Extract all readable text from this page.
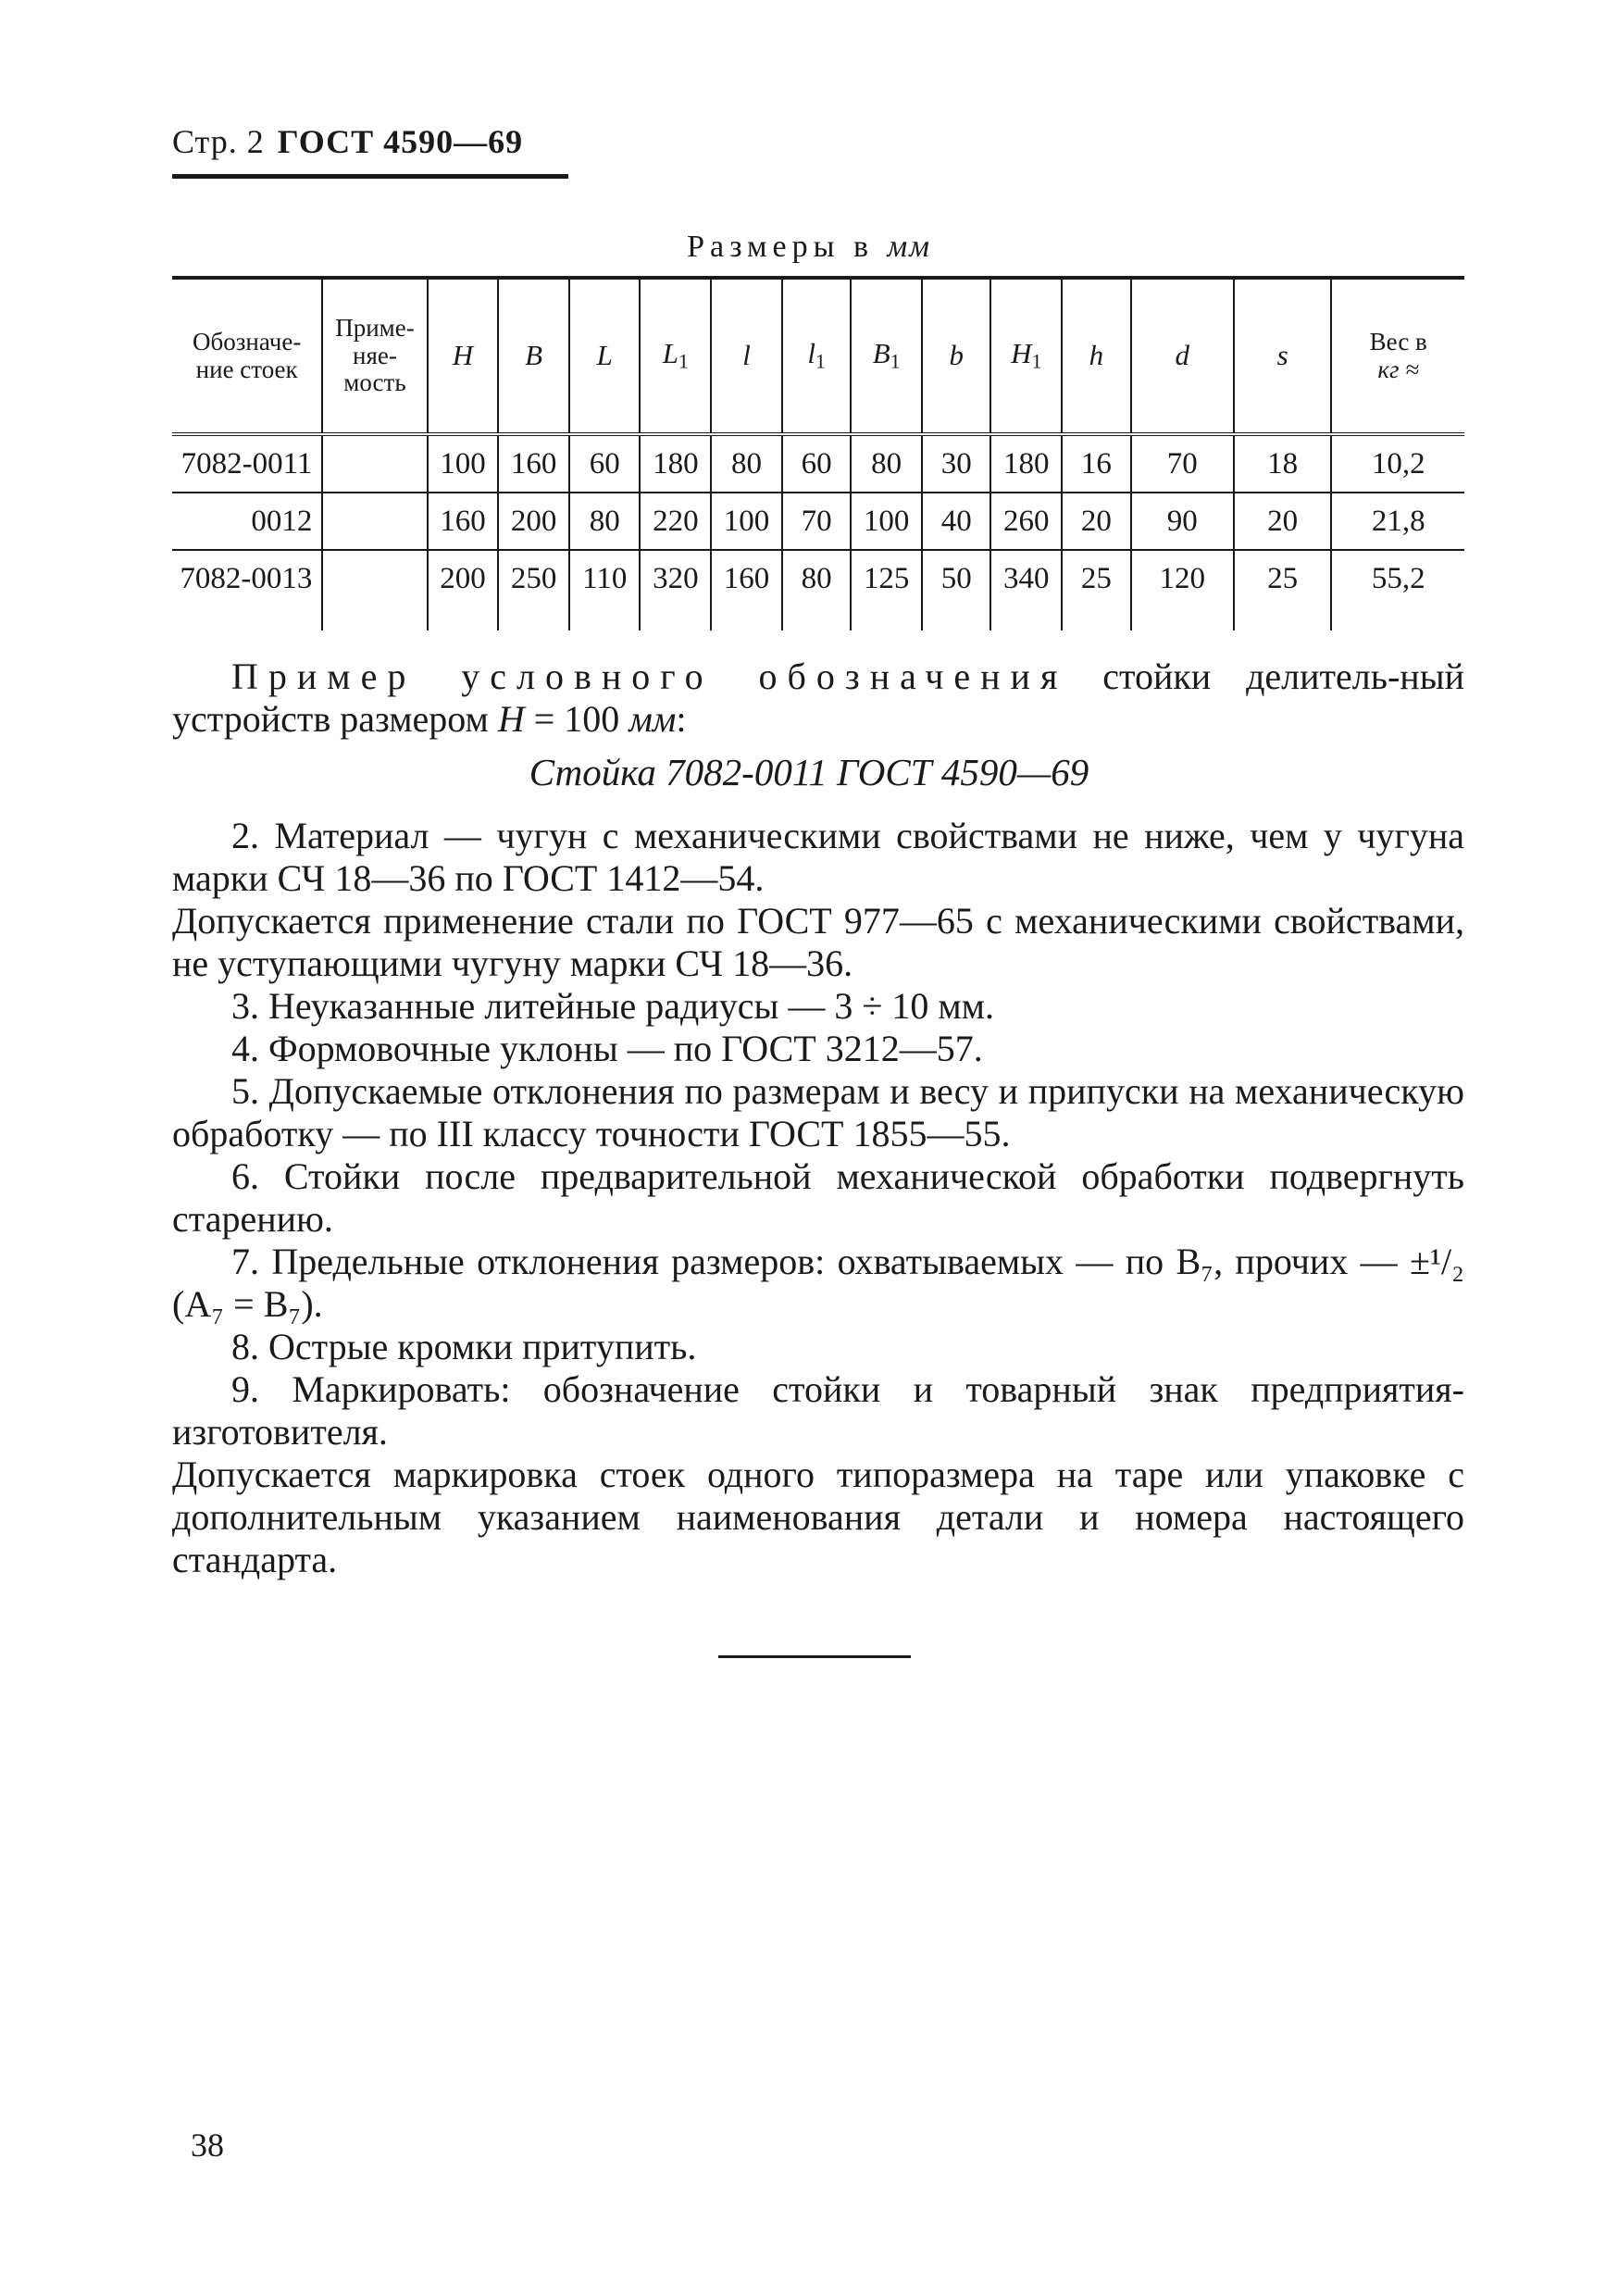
Стр. 2 ГОСТ 4590—69
Размеры в мм
Обозначе-ние стоек	Приме-няе-мость	H	B	L	$L_1$	l	$l_1$	$B_1$	b	$H_1$	h	d	s	Вес в
кг ≈
7082-0011		100	160	60	180	80	60	80	30	180	16	70	18	10,2
0012		160	200	80	220	100	70	100	40	260	20	90	20	21,8
7082-0013		200	250	110	320	160	80	125	50	340	25	120	25	55,2
Пример условного обозначения стойки делитель-ный устройств размером H = 100 мм:
Стойка 7082-0011 ГОСТ 4590—69

2. Материал — чугун с механическими свойствами не ниже, чем у чугуна марки СЧ 18—36 по ГОСТ 1412—54.

Допускается применение стали по ГОСТ 977—65 с механическими свойствами, не уступающими чугуну марки СЧ 18—36.

3. Неуказанные литейные радиусы — 3 ÷ 10 мм.

4. Формовочные уклоны — по ГОСТ 3212—57.

5. Допускаемые отклонения по размерам и весу и припуски на механическую обработку — по III классу точности ГОСТ 1855—55.

6. Стойки после предварительной механической обработки подвергнуть старению.

7. Предельные отклонения размеров: охватываемых — по B₇, прочих — ±¹/₂ (A₇ = B₇).

8. Острые кромки притупить.

9. Маркировать: обозначение стойки и товарный знак предприятия-изготовителя.

Допускается маркировка стоек одного типоразмера на таре или упаковке с дополнительным указанием наименования детали и номера настоящего стандарта.

38
